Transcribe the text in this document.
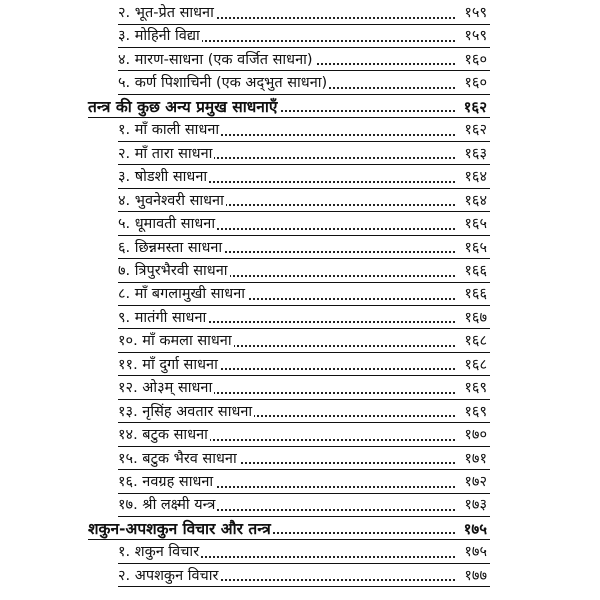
२. भूत-प्रेत साधना	१५९
३. मोहिनी विद्या	१५९
४. मारण-साधना (एक वर्जित साधना)	१६०
५. कर्ण पिशाचिनी (एक अद्‍भुत साधना)	१६०
तन्त्र की कुछ अन्य प्रमुख साधनाएँ	१६२
१. माँ काली साधना	१६२
२. माँ तारा साधना	१६३
३. षोडशी साधना	१६४
४. भुवनेश्वरी साधना	१६४
५. धूमावती साधना	१६५
६. छिन्नमस्ता साधना	१६५
७. त्रिपुरभैरवी साधना	१६६
८. माँ बगलामुखी साधना	१६६
९. मातंगी साधना	१६७
१०. माँ कमला साधना	१६८
११. माँ दुर्गा साधना	१६८
१२. ओ३म् साधना	१६९
१३. नृसिंह अवतार साधना	१६९
१४. बटुक साधना	१७०
१५. बटुक भैरव साधना	१७१
१६. नवग्रह साधना	१७२
१७. श्री लक्ष्मी यन्त्र	१७३
शकुन-अपशकुन विचार और तन्त्र	१७५
१. शकुन विचार	१७५
२. अपशकुन विचार	१७७
